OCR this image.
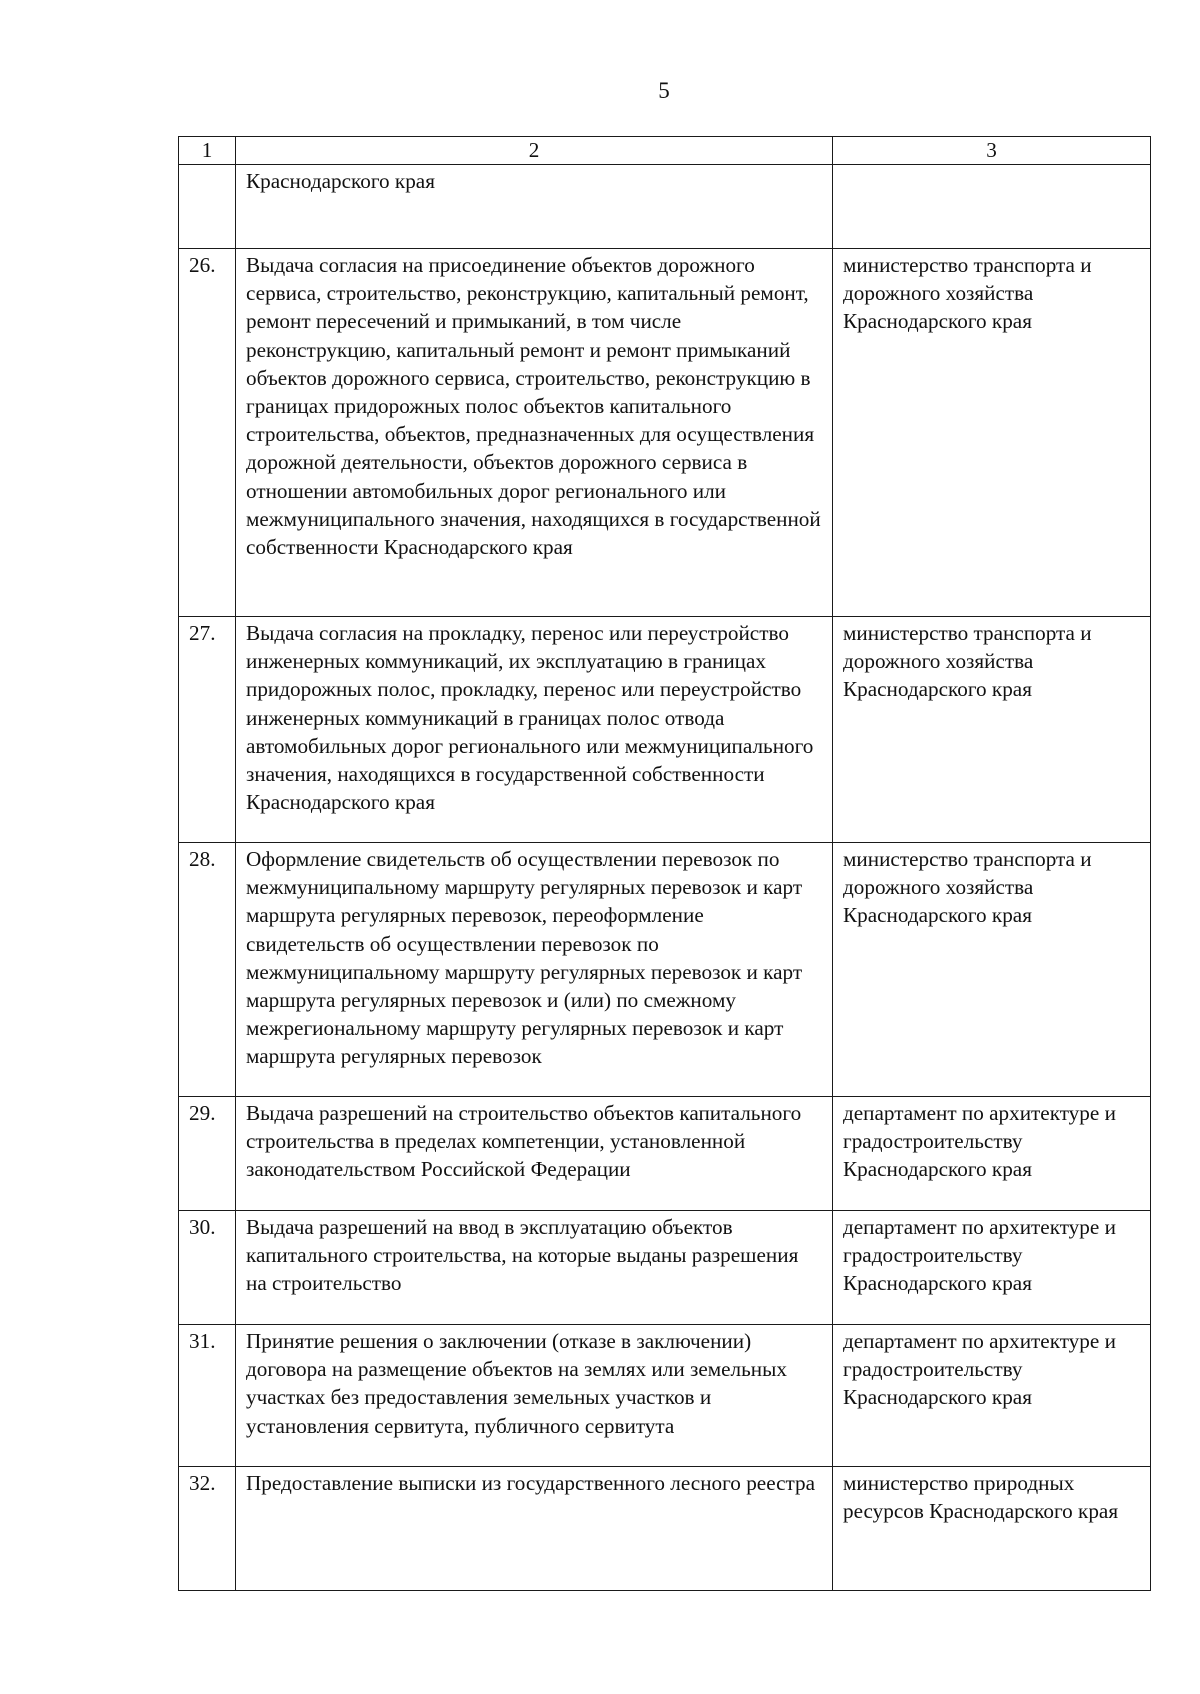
5
1	2	3
	Краснодарского края	
26.	Выдача согласия на присоединение объектов дорожного сервиса, строительство, реконструкцию, капитальный ремонт, ремонт пересечений и примыканий, в том числе реконструкцию, капитальный ремонт и ремонт примыканий объектов дорожного сервиса, строительство, реконструкцию в границах придорожных полос объектов капитального строительства, объектов, предназначенных для осуществления дорожной деятельности, объектов дорожного сервиса в отношении автомобильных дорог регионального или межмуниципального значения, находящихся в государственной собственности Краснодарского края	министерство транспорта и дорожного хозяйства Краснодарского края
27.	Выдача согласия на прокладку, перенос или переустройство инженерных коммуникаций, их эксплуатацию в границах придорожных полос, прокладку, перенос или переустройство инженерных коммуникаций в границах полос отвода автомобильных дорог регионального или межмуниципального значения, находящихся в государственной собственности Краснодарского края	министерство транспорта и дорожного хозяйства Краснодарского края
28.	Оформление свидетельств об осуществлении перевозок по межмуниципальному маршруту регулярных перевозок и карт маршрута регулярных перевозок, переоформление свидетельств об осуществлении перевозок по межмуниципальному маршруту регулярных перевозок и карт маршрута регулярных перевозок и (или) по смежному межрегиональному маршруту регулярных перевозок и карт маршрута регулярных перевозок	министерство транспорта и дорожного хозяйства Краснодарского края
29.	Выдача разрешений на строительство объектов капитального строительства в пределах компетенции, установленной законодательством Российской Федерации	департамент по архитектуре и градостроительству Краснодарского края
30.	Выдача разрешений на ввод в эксплуатацию объектов капитального строительства, на которые выданы разрешения на строительство	департамент по архитектуре и градостроительству Краснодарского края
31.	Принятие решения о заключении (отказе в заключении) договора на размещение объектов на землях или земельных участках без предоставления земельных участков и установления сервитута, публичного сервитута	департамент по архитектуре и градостроительству Краснодарского края
32.	Предоставление выписки из государственного лесного реестра	министерство природных ресурсов Краснодарского края
